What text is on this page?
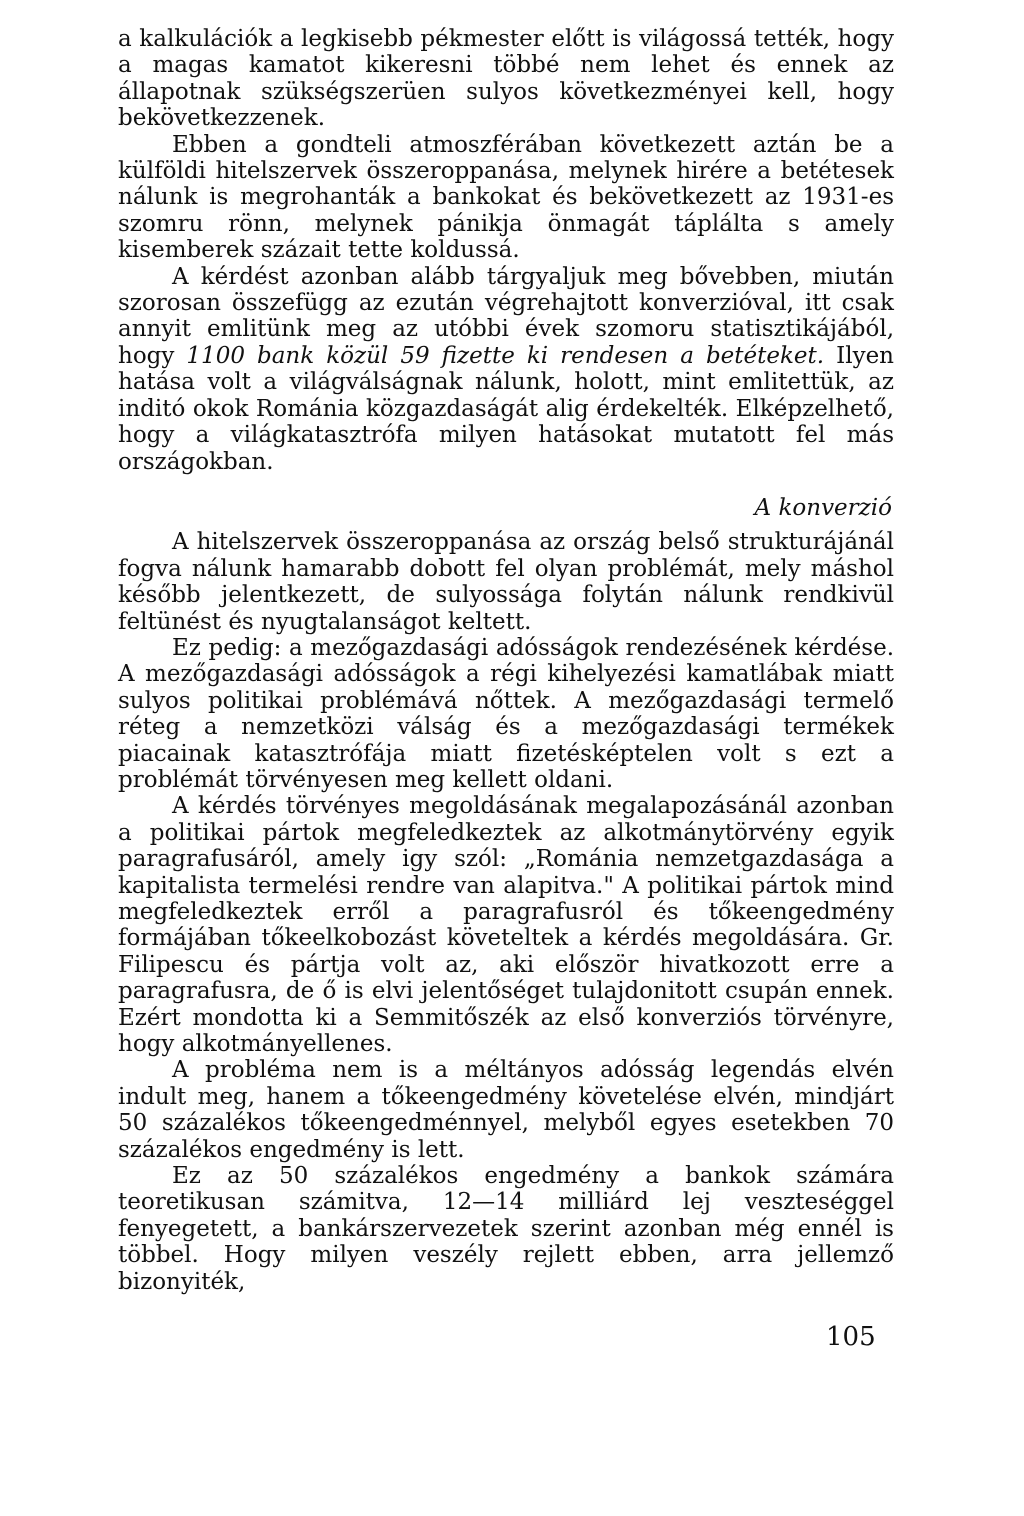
a kalkulációk a legkisebb pékmester előtt is világossá tették, hogy a magas kamatot kikeresni többé nem lehet és ennek az állapotnak szükségszerüen sulyos következményei kell, hogy bekövetkezzenek.

Ebben a gondteli atmoszférában következett aztán be a külföldi hitelszervek összeroppanása, melynek hirére a betétesek nálunk is megrohanták a bankokat és bekövetkezett az 1931-es szomru rönn, melynek pánikja önmagát táplálta s amely kisemberek százait tette koldussá.

A kérdést azonban alább tárgyaljuk meg bővebben, miután szorosan összefügg az ezután végrehajtott konverzióval, itt csak annyit emlitünk meg az utóbbi évek szomoru statisztikájából, hogy 1100 bank közül 59 fizette ki rendesen a betéteket. Ilyen hatása volt a világválságnak nálunk, holott, mint emlitettük, az inditó okok Románia közgazdaságát alig érdekelték. Elképzelhető, hogy a világkatasztrófa milyen hatásokat mutatott fel más országokban.

A konverzió

A hitelszervek összeroppanása az ország belső strukturájánál fogva nálunk hamarabb dobott fel olyan problémát, mely máshol később jelentkezett, de sulyossága folytán nálunk rendkivül feltünést és nyugtalanságot keltett.

Ez pedig: a mezőgazdasági adósságok rendezésének kérdése. A mezőgazdasági adósságok a régi kihelyezési kamatlábak miatt sulyos politikai problémává nőttek. A mezőgazdasági termelő réteg a nemzetközi válság és a mezőgazdasági termékek piacainak katasztrófája miatt fizetésképtelen volt s ezt a problémát törvényesen meg kellett oldani.

A kérdés törvényes megoldásának megalapozásánál azonban a politikai pártok megfeledkeztek az alkotmánytörvény egyik paragrafusáról, amely igy szól: „Románia nemzetgazdasága a kapitalista termelési rendre van alapitva." A politikai pártok mind megfeledkeztek erről a paragrafusról és tőkeengedmény formájában tőkeelkobozást követeltek a kérdés megoldására. Gr. Filipescu és pártja volt az, aki először hivatkozott erre a paragrafusra, de ő is elvi jelentőséget tulajdonitott csupán ennek. Ezért mondotta ki a Semmitőszék az első konverziós törvényre, hogy alkotmányellenes.

A probléma nem is a méltányos adósság legendás elvén indult meg, hanem a tőkeengedmény követelése elvén, mindjárt 50 százalékos tőkeengedménnyel, melyből egyes esetekben 70 százalékos engedmény is lett.

Ez az 50 százalékos engedmény a bankok számára teoretikusan számitva, 12—14 milliárd lej veszteséggel fenyegetett, a bankárszervezetek szerint azonban még ennél is többel. Hogy milyen veszély rejlett ebben, arra jellemző bizonyiték,

105
